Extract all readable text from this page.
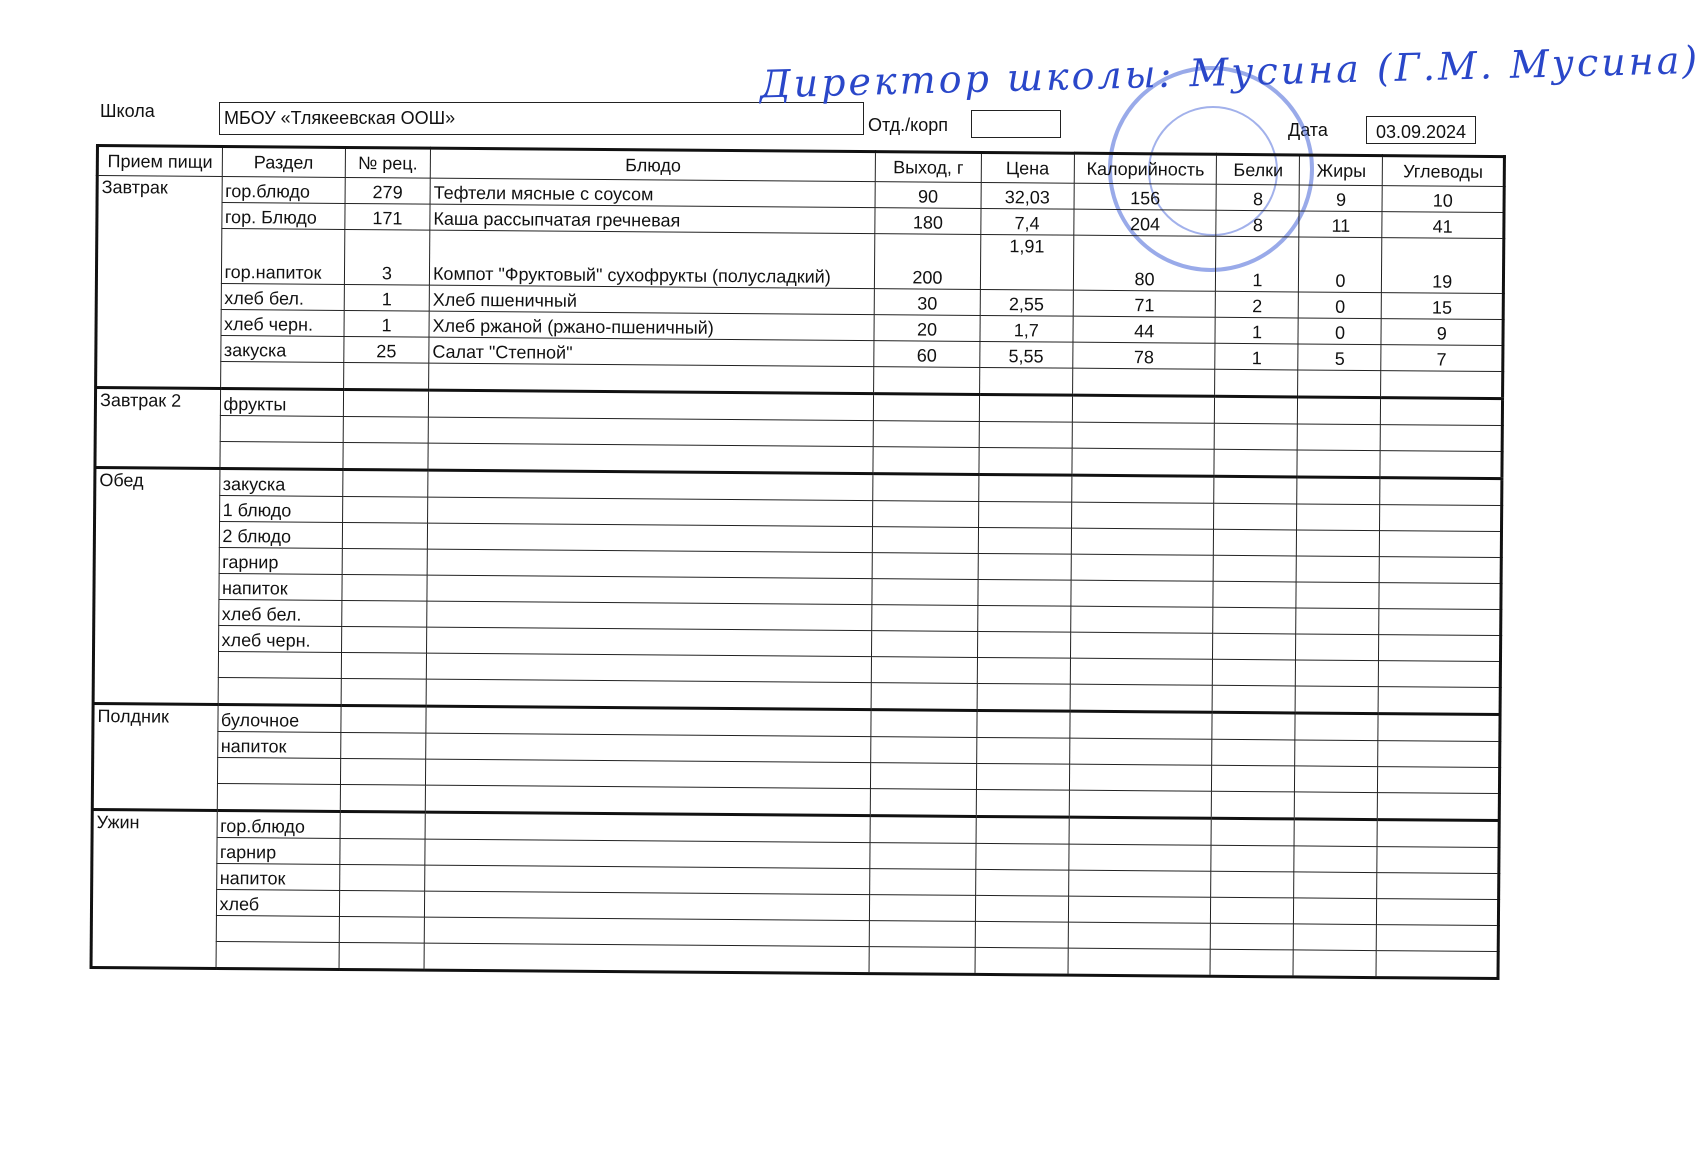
Школа	МБОУ «Тлякеевская ООШ»	Отд./корп	Дата	03.09.2024
Директор школы: Мусина (Г.М. Мусина)
Прием пищи	Раздел	№ рец.	Блюдо	Выход, г	Цена	Калорийность	Белки	Жиры	Углеводы
Завтрак	гор.блюдо	279	Тефтели мясные с соусом	90	32,03	156	8	9	10
	гор. Блюдо	171	Каша рассыпчатая гречневая	180	7,4	204	8	11	41
	гор.напиток	3	Компот "Фруктовый" сухофрукты (полусладкий)	200	1,91	80	1	0	19
	хлеб бел.	1	Хлеб пшеничный	30	2,55	71	2	0	15
	хлеб черн.	1	Хлеб ржаной (ржано-пшеничный)	20	1,7	44	1	0	9
	закуска	25	Салат "Степной"	60	5,55	78	1	5	7

Завтрак 2	фрукты								

Обед	закуска								
	1 блюдо								
	2 блюдо								
	гарнир								
	напиток								
	хлеб бел.								
	хлеб черн.								

Полдник	булочное								
	напиток								

Ужин	гор.блюдо								
	гарнир								
	напиток								
	хлеб								
